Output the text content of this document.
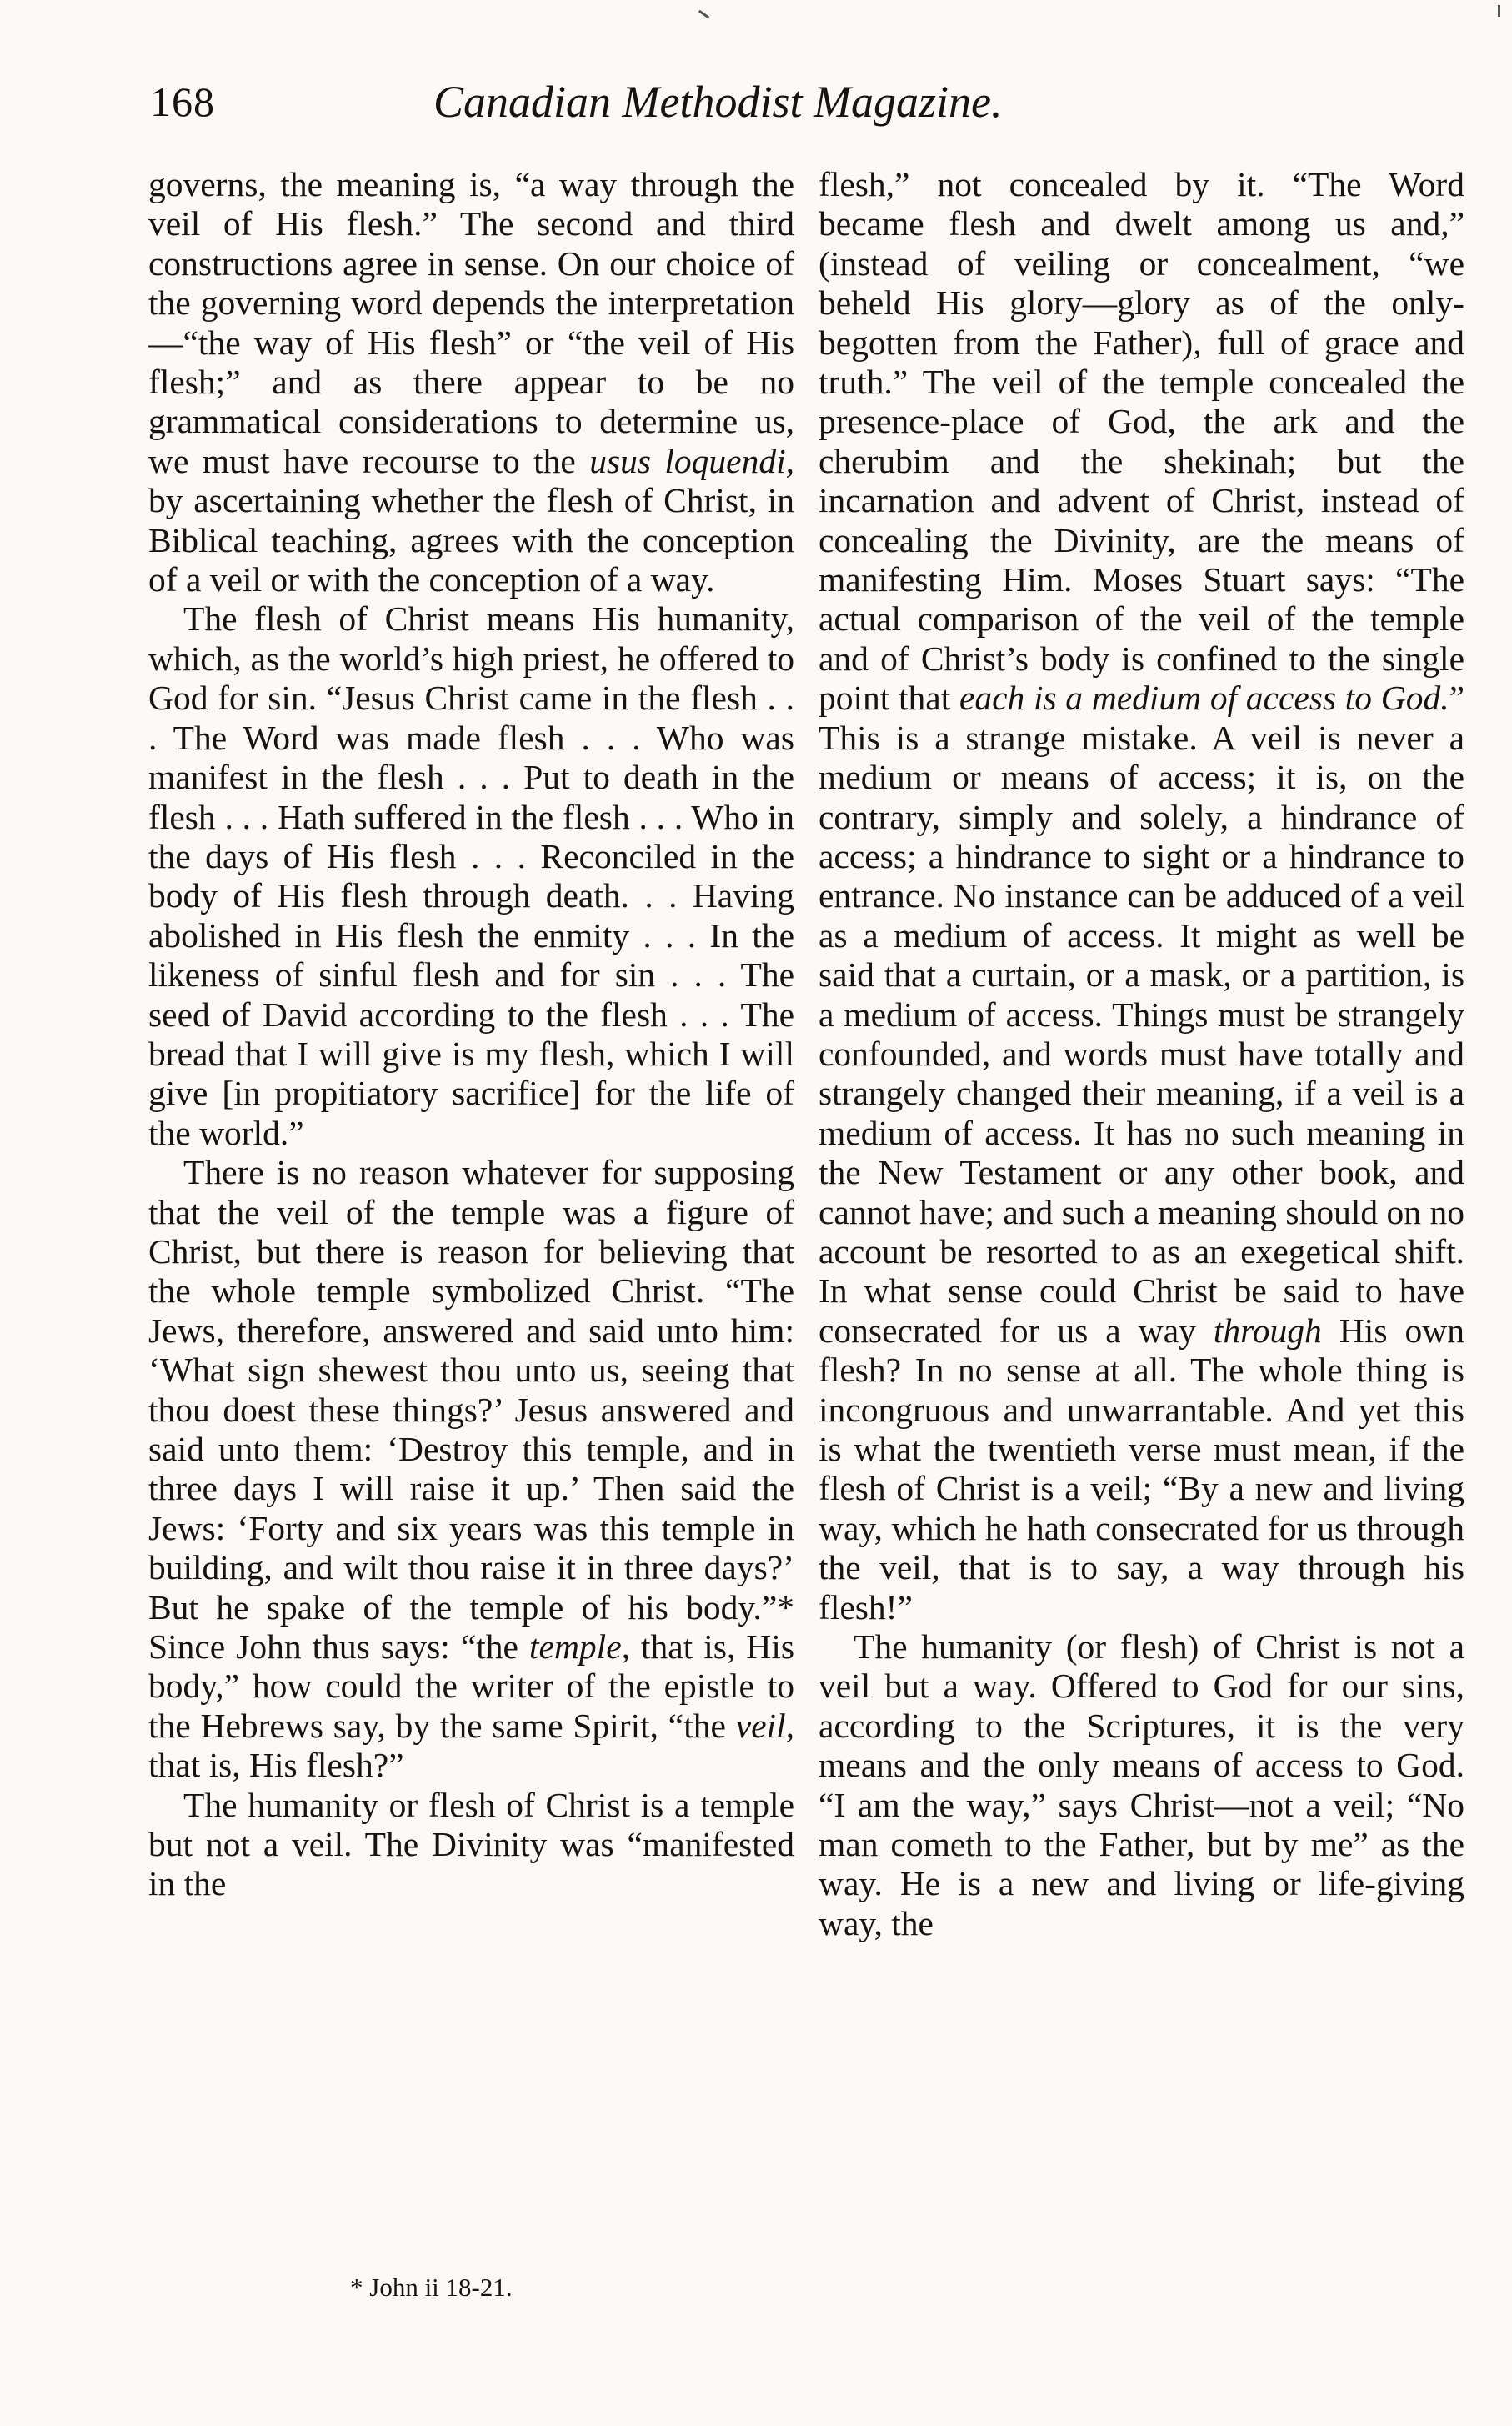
168	Canadian Methodist Magazine.

governs, the meaning is, “a way through the veil of His flesh.” The second and third constructions agree in sense. On our choice of the governing word depends the interpretation—“the way of His flesh” or “the veil of His flesh;” and as there appear to be no grammatical considerations to determine us, we must have recourse to the usus loquendi, by ascertaining whether the flesh of Christ, in Biblical teaching, agrees with the conception of a veil or with the conception of a way.

The flesh of Christ means His humanity, which, as the world’s high priest, he offered to God for sin. “Jesus Christ came in the flesh . . . The Word was made flesh . . . Who was manifest in the flesh . . . Put to death in the flesh . . . Hath suffered in the flesh . . . Who in the days of His flesh . . . Reconciled in the body of His flesh through death. . . Having abolished in His flesh the enmity . . . In the likeness of sinful flesh and for sin . . . The seed of David according to the flesh . . . The bread that I will give is my flesh, which I will give [in propitiatory sacrifice] for the life of the world.”

There is no reason whatever for supposing that the veil of the temple was a figure of Christ, but there is reason for believing that the whole temple symbolized Christ. “The Jews, therefore, answered and said unto him: ‘What sign shewest thou unto us, seeing that thou doest these things?’ Jesus answered and said unto them: ‘Destroy this temple, and in three days I will raise it up.’ Then said the Jews: ‘Forty and six years was this temple in building, and wilt thou raise it in three days?’ But he spake of the temple of his body.”* Since John thus says: “the temple, that is, His body,” how could the writer of the epistle to the Hebrews say, by the same Spirit, “the veil, that is, His flesh?”

The humanity or flesh of Christ is a temple but not a veil. The Divinity was “manifested in the

flesh,” not concealed by it. “The Word became flesh and dwelt among us and,” (instead of veiling or concealment, “we beheld His glory—glory as of the only-begotten from the Father), full of grace and truth.” The veil of the temple concealed the presence-place of God, the ark and the cherubim and the shekinah; but the incarnation and advent of Christ, instead of concealing the Divinity, are the means of manifesting Him. Moses Stuart says: “The actual comparison of the veil of the temple and of Christ’s body is confined to the single point that each is a medium of access to God.” This is a strange mistake. A veil is never a medium or means of access; it is, on the contrary, simply and solely, a hindrance of access; a hindrance to sight or a hindrance to entrance. No instance can be adduced of a veil as a medium of access. It might as well be said that a curtain, or a mask, or a partition, is a medium of access. Things must be strangely confounded, and words must have totally and strangely changed their meaning, if a veil is a medium of access. It has no such meaning in the New Testament or any other book, and cannot have; and such a meaning should on no account be resorted to as an exegetical shift. In what sense could Christ be said to have consecrated for us a way through His own flesh? In no sense at all. The whole thing is incongruous and unwarrantable. And yet this is what the twentieth verse must mean, if the flesh of Christ is a veil; “By a new and living way, which he hath consecrated for us through the veil, that is to say, a way through his flesh!”

The humanity (or flesh) of Christ is not a veil but a way. Offered to God for our sins, according to the Scriptures, it is the very means and the only means of access to God. “I am the way,” says Christ—not a veil; “No man cometh to the Father, but by me” as the way. He is a new and living or life-giving way, the

* John ii 18-21.
